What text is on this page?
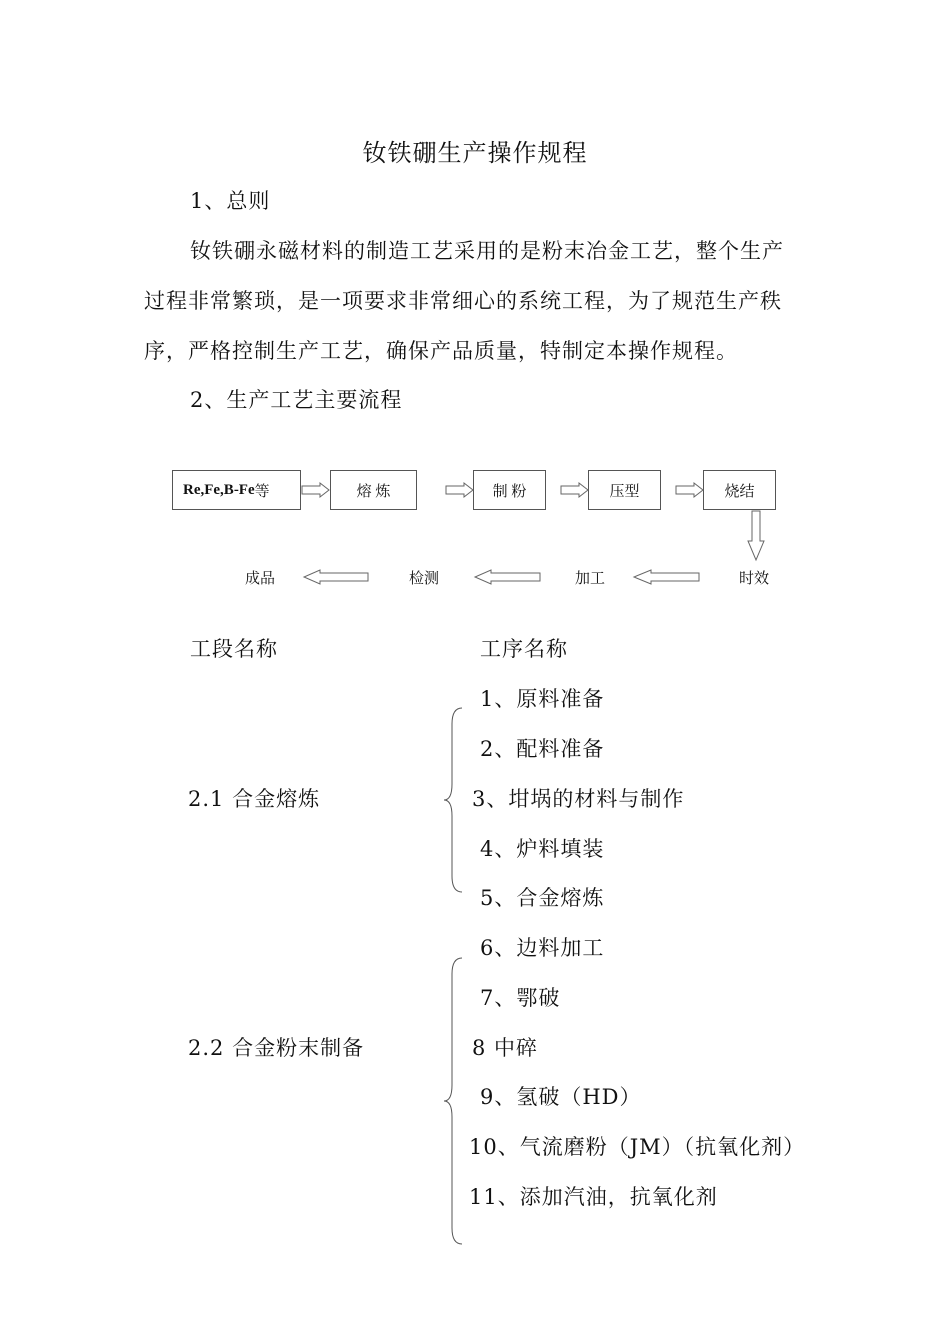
钕铁硼生产操作规程
1、总则
钕铁硼永磁材料的制造工艺采用的是粉末冶金工艺，整个生产
过程非常繁琐，是一项要求非常细心的系统工程，为了规范生产秩
序，严格控制生产工艺，确保产品质量，特制定本操作规程。
2、生产工艺主要流程
Re,Fe,B-Fe 等	熔 炼	制 粉	压型	烧结
时效
加工
检测
成品
工段名称	工序名称
2.1 合金熔炼
1、原料准备
2、配料准备
3、坩埚的材料与制作
4、炉料填装
5、合金熔炼
2.2 合金粉末制备
6、边料加工
7、鄂破
8 中碎
9、氢破（HD）
10、气流磨粉（JM）（抗氧化剂）
11、添加汽油，抗氧化剂
